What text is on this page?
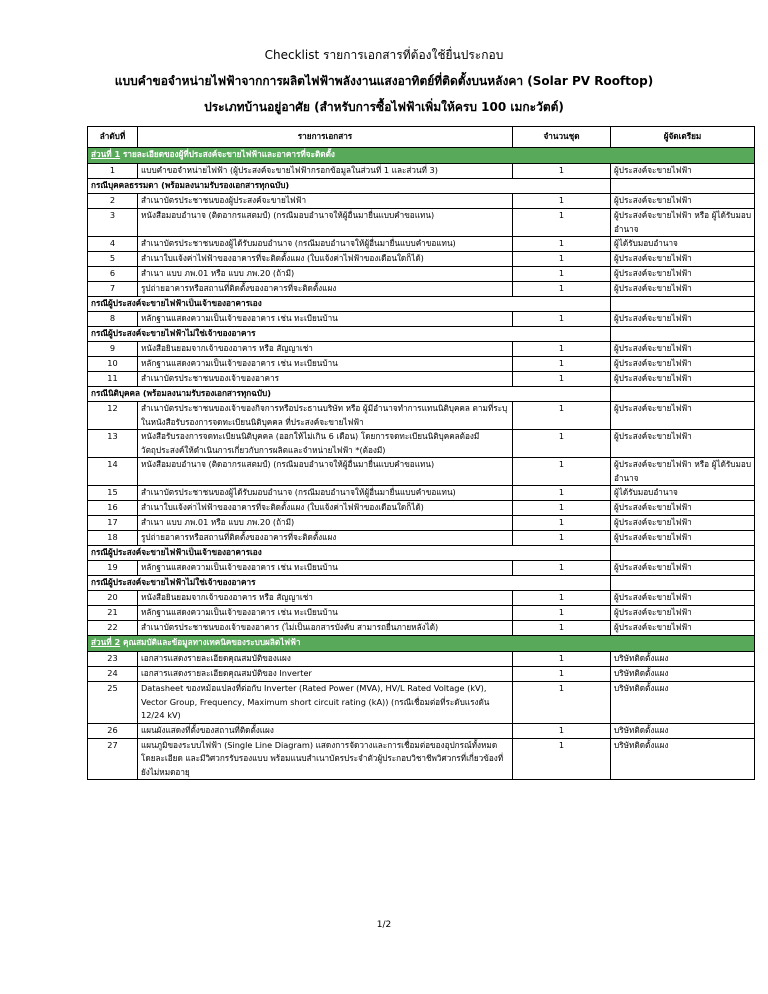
Checklist รายการเอกสารที่ต้องใช้ยื่นประกอบ
แบบคำขอจำหน่ายไฟฟ้าจากการผลิตไฟฟ้าพลังงานแสงอาทิตย์ที่ติดตั้งบนหลังคา (Solar PV Rooftop)
ประเภทบ้านอยู่อาศัย (สำหรับการซื้อไฟฟ้าเพิ่มให้ครบ 100 เมกะวัตต์)
ลำดับที่	รายการเอกสาร	จำนวนชุด	ผู้จัดเตรียม
ส่วนที่ 1 รายละเอียดของผู้ที่ประสงค์จะขายไฟฟ้าและอาคารที่จะติดตั้ง			
1	แบบคำขอจำหน่ายไฟฟ้า (ผู้ประสงค์จะขายไฟฟ้ากรอกข้อมูลในส่วนที่ 1 และส่วนที่ 3)	1	ผู้ประสงค์จะขายไฟฟ้า
กรณีบุคคลธรรมดา (พร้อมลงนามรับรองเอกสารทุกฉบับ)			
2	สำเนาบัตรประชาชนของผู้ประสงค์จะขายไฟฟ้า	1	ผู้ประสงค์จะขายไฟฟ้า
3	หนังสือมอบอำนาจ (ติดอากรแสตมป์) (กรณีมอบอำนาจให้ผู้อื่นมายื่นแบบคำขอแทน)	1	ผู้ประสงค์จะขายไฟฟ้า หรือ ผู้ได้รับมอบอำนาจ
4	สำเนาบัตรประชาชนของผู้ได้รับมอบอำนาจ (กรณีมอบอำนาจให้ผู้อื่นมายื่นแบบคำขอแทน)	1	ผู้ได้รับมอบอำนาจ
5	สำเนาใบแจ้งค่าไฟฟ้าของอาคารที่จะติดตั้งแผง (ใบแจ้งค่าไฟฟ้าของเดือนใดก็ได้)	1	ผู้ประสงค์จะขายไฟฟ้า
6	สำเนา แบบ ภพ.01 หรือ แบบ ภพ.20 (ถ้ามี)	1	ผู้ประสงค์จะขายไฟฟ้า
7	รูปถ่ายอาคารหรือสถานที่ติดตั้งของอาคารที่จะติดตั้งแผง	1	ผู้ประสงค์จะขายไฟฟ้า
กรณีผู้ประสงค์จะขายไฟฟ้าเป็นเจ้าของอาคารเอง			
8	หลักฐานแสดงความเป็นเจ้าของอาคาร เช่น ทะเบียนบ้าน	1	ผู้ประสงค์จะขายไฟฟ้า
กรณีผู้ประสงค์จะขายไฟฟ้าไม่ใช่เจ้าของอาคาร			
9	หนังสือยินยอมจากเจ้าของอาคาร หรือ สัญญาเช่า	1	ผู้ประสงค์จะขายไฟฟ้า
10	หลักฐานแสดงความเป็นเจ้าของอาคาร เช่น ทะเบียนบ้าน	1	ผู้ประสงค์จะขายไฟฟ้า
11	สำเนาบัตรประชาชนของเจ้าของอาคาร	1	ผู้ประสงค์จะขายไฟฟ้า
กรณีนิติบุคคล (พร้อมลงนามรับรองเอกสารทุกฉบับ)			
12	สำเนาบัตรประชาชนของเจ้าของกิจการหรือประธานบริษัท หรือ ผู้มีอำนาจทำการแทนนิติบุคคล ตามที่ระบุในหนังสือรับรองการจดทะเบียนนิติบุคคล ที่ประสงค์จะขายไฟฟ้า	1	ผู้ประสงค์จะขายไฟฟ้า
13	หนังสือรับรองการจดทะเบียนนิติบุคคล (ออกให้ไม่เกิน 6 เดือน) โดยการจดทะเบียนนิติบุคคลต้องมีวัตถุประสงค์ให้ดำเนินการเกี่ยวกับการผลิตและจำหน่ายไฟฟ้า *(ต้องมี)	1	ผู้ประสงค์จะขายไฟฟ้า
14	หนังสือมอบอำนาจ (ติดอากรแสตมป์) (กรณีมอบอำนาจให้ผู้อื่นมายื่นแบบคำขอแทน)	1	ผู้ประสงค์จะขายไฟฟ้า หรือ ผู้ได้รับมอบอำนาจ
15	สำเนาบัตรประชาชนของผู้ได้รับมอบอำนาจ (กรณีมอบอำนาจให้ผู้อื่นมายื่นแบบคำขอแทน)	1	ผู้ได้รับมอบอำนาจ
16	สำเนาใบแจ้งค่าไฟฟ้าของอาคารที่จะติดตั้งแผง (ใบแจ้งค่าไฟฟ้าของเดือนใดก็ได้)	1	ผู้ประสงค์จะขายไฟฟ้า
17	สำเนา แบบ ภพ.01 หรือ แบบ ภพ.20 (ถ้ามี)	1	ผู้ประสงค์จะขายไฟฟ้า
18	รูปถ่ายอาคารหรือสถานที่ติดตั้งของอาคารที่จะติดตั้งแผง	1	ผู้ประสงค์จะขายไฟฟ้า
กรณีผู้ประสงค์จะขายไฟฟ้าเป็นเจ้าของอาคารเอง			
19	หลักฐานแสดงความเป็นเจ้าของอาคาร เช่น ทะเบียนบ้าน	1	ผู้ประสงค์จะขายไฟฟ้า
กรณีผู้ประสงค์จะขายไฟฟ้าไม่ใช่เจ้าของอาคาร			
20	หนังสือยินยอมจากเจ้าของอาคาร หรือ สัญญาเช่า	1	ผู้ประสงค์จะขายไฟฟ้า
21	หลักฐานแสดงความเป็นเจ้าของอาคาร เช่น ทะเบียนบ้าน	1	ผู้ประสงค์จะขายไฟฟ้า
22	สำเนาบัตรประชาชนของเจ้าของอาคาร (ไม่เป็นเอกสารบังคับ สามารถยื่นภายหลังได้)	1	ผู้ประสงค์จะขายไฟฟ้า
ส่วนที่ 2 คุณสมบัติและข้อมูลทางเทคนิคของระบบผลิตไฟฟ้า			
23	เอกสารแสดงรายละเอียดคุณสมบัติของแผง	1	บริษัทติดตั้งแผง
24	เอกสารแสดงรายละเอียดคุณสมบัติของ Inverter	1	บริษัทติดตั้งแผง
25	Datasheet ของหม้อแปลงที่ต่อกับ Inverter (Rated Power (MVA), HV/L Rated Voltage (kV), Vector Group, Frequency, Maximum short circuit rating (kA)) (กรณีเชื่อมต่อที่ระดับแรงดัน 12/24 kV)	1	บริษัทติดตั้งแผง
26	แผนผังแสดงที่ตั้งของสถานที่ติดตั้งแผง	1	บริษัทติดตั้งแผง
27	แผนภูมิของระบบไฟฟ้า (Single Line Diagram) แสดงการจัดวางและการเชื่อมต่อของอุปกรณ์ทั้งหมดโดยละเอียด และมีวิศวกรรับรองแบบ พร้อมแนบสำเนาบัตรประจำตัวผู้ประกอบวิชาชีพวิศวกรที่เกี่ยวข้องที่ยังไม่หมดอายุ	1	บริษัทติดตั้งแผง
1/2
